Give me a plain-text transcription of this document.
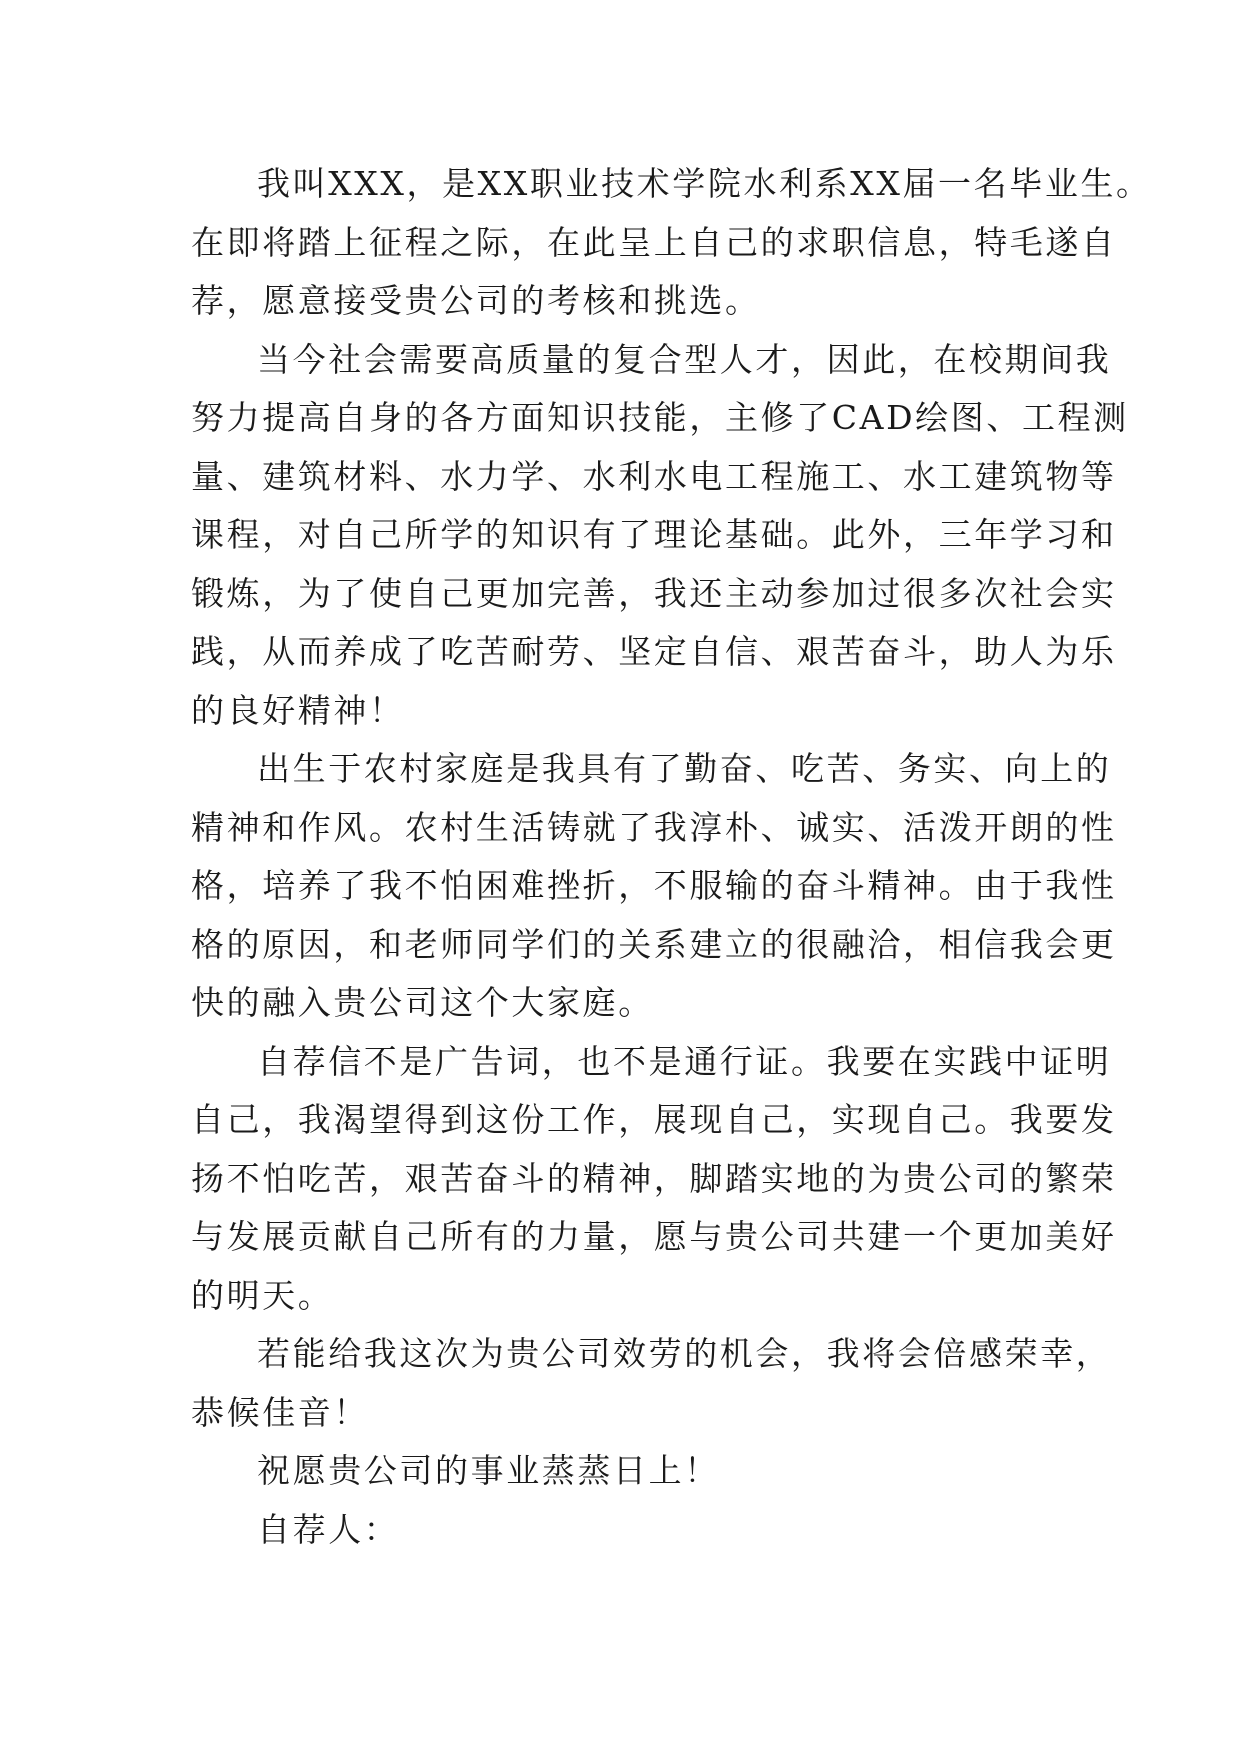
我叫XXX，是XX职业技术学院水利系XX届一名毕业生。
在即将踏上征程之际，在此呈上自己的求职信息，特毛遂自
荐，愿意接受贵公司的考核和挑选。

当今社会需要高质量的复合型人才，因此，在校期间我
努力提高自身的各方面知识技能，主修了CAD绘图、工程测
量、建筑材料、水力学、水利水电工程施工、水工建筑物等
课程，对自己所学的知识有了理论基础。此外，三年学习和
锻炼，为了使自己更加完善，我还主动参加过很多次社会实
践，从而养成了吃苦耐劳、坚定自信、艰苦奋斗，助人为乐
的良好精神！

出生于农村家庭是我具有了勤奋、吃苦、务实、向上的
精神和作风。农村生活铸就了我淳朴、诚实、活泼开朗的性
格，培养了我不怕困难挫折，不服输的奋斗精神。由于我性
格的原因，和老师同学们的关系建立的很融洽，相信我会更
快的融入贵公司这个大家庭。

自荐信不是广告词，也不是通行证。我要在实践中证明
自己，我渴望得到这份工作，展现自己，实现自己。我要发
扬不怕吃苦，艰苦奋斗的精神，脚踏实地的为贵公司的繁荣
与发展贡献自己所有的力量，愿与贵公司共建一个更加美好
的明天。

若能给我这次为贵公司效劳的机会，我将会倍感荣幸，
恭候佳音！

祝愿贵公司的事业蒸蒸日上！

自荐人：
